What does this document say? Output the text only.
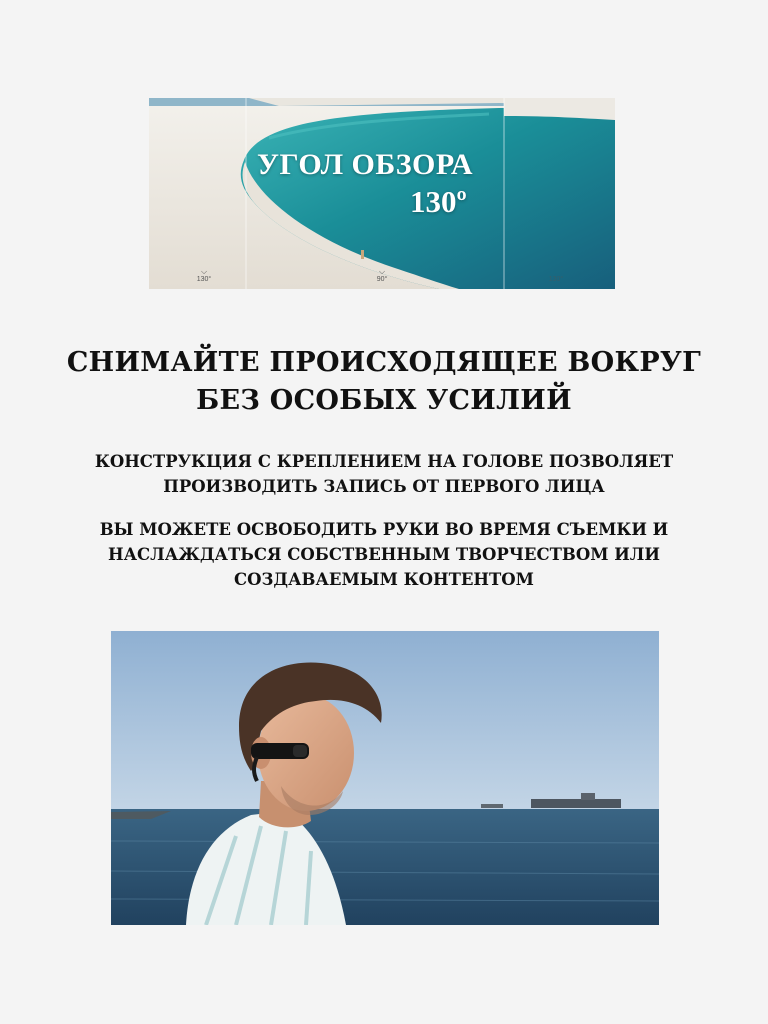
УГОЛ ОБЗОРА
130º
⌵
130°
⌵
90°
	130°
СНИМАЙТЕ ПРОИСХОДЯЩЕЕ ВОКРУГ
БЕЗ ОСОБЫХ УСИЛИЙ
КОНСТРУКЦИЯ С КРЕПЛЕНИЕМ НА ГОЛОВЕ ПОЗВОЛЯЕТ
ПРОИЗВОДИТЬ ЗАПИСЬ ОТ ПЕРВОГО ЛИЦА
ВЫ МОЖЕТЕ ОСВОБОДИТЬ РУКИ ВО ВРЕМЯ СЪЕМКИ И
НАСЛАЖДАТЬСЯ СОБСТВЕННЫМ ТВОРЧЕСТВОМ ИЛИ
СОЗДАВАЕМЫМ КОНТЕНТОМ
